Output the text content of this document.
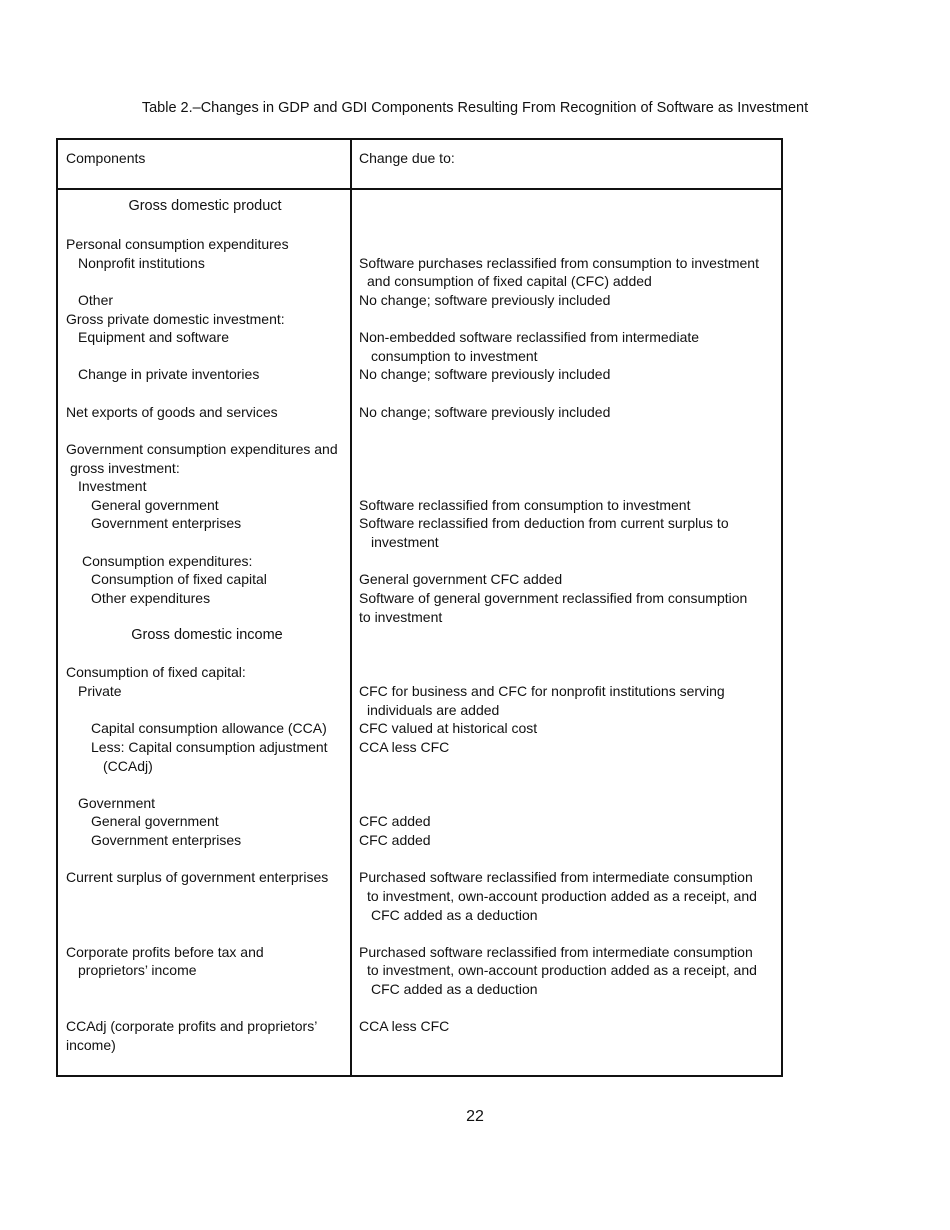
Table 2.–Changes in GDP and GDI Components Resulting From Recognition of Software as Investment
Components	Change due to:
Gross domestic product
Personal consumption expenditures
Nonprofit institutions
Other
Gross private domestic investment:
Equipment and software
Change in private inventories
Net exports of goods and services
Government consumption expenditures and
gross investment:
Investment
General government
Government enterprises
Consumption expenditures:
Consumption of fixed capital
Other expenditures
Gross domestic income
Consumption of fixed capital:
Private
Capital consumption allowance (CCA)
Less: Capital consumption adjustment
(CCAdj)
Government
General government
Government enterprises
Current surplus of government enterprises
Corporate profits before tax and
proprietors’ income
CCAdj (corporate profits and proprietors’
income)
Software purchases reclassified from consumption to investment
and consumption of fixed capital (CFC) added
No change; software previously included
Non-embedded software reclassified from intermediate
consumption to investment
No change; software previously included
No change; software previously included
Software reclassified from consumption to investment
Software reclassified from deduction from current surplus to
investment
General government CFC added
Software of general government reclassified from consumption
to investment
CFC for business and CFC for nonprofit institutions serving
individuals are added
CFC valued at historical cost
CCA less CFC
CFC added
CFC added
Purchased software reclassified from intermediate consumption
to investment, own-account production added as a receipt, and
CFC added as a deduction
Purchased software reclassified from intermediate consumption
to investment, own-account production added as a receipt, and
CFC added as a deduction
CCA less CFC
22
